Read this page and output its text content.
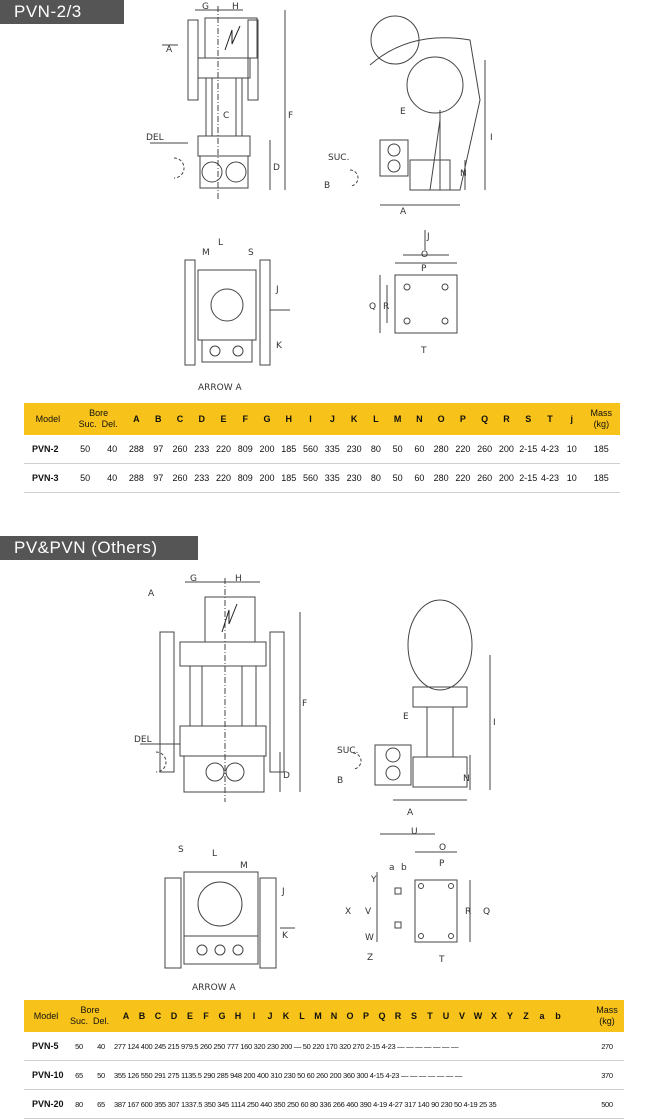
PVN-2/3	G	H
A
C	F
D
DEL
E
I
N
SUC.
B
A
M
L
S
J
K
ARROW A
J
O
P
Q R
T
Model	Bore
Suc. Del.		A	B	C	D	E	F	G	H	I	J	K	L	M	N	O	P	Q	R	S	T	j	Mass
(kg)

PVN-2	50	40	288	97	260	233	220	809	200	185	560	335	230	80	50	60	280	220	260	200	2-15	4-23	10	185
PVN-3	50	40	288	97	260	233	220	809	200	185	560	335	230	80	50	60	280	220	260	200	2-15	4-23	10	185
PV&PVN (Others)
G	H
A
F
D
DEL
E
I
N
SUC.
B
A
S	L
M
J
K
ARROW A
U
O
P
a b
Y
X V
W
Z	T
R Q
Model	Bore
Suc. Del.		A B C D E F G H I J K L M N O P Q R S T U V W X Y Z a b	Mass
(kg)

PVN-5	50	40	277 124 400 245 215 979.5 260 250 777 160 320 230 200 — 50 220 170 320 270 2-15 4-23 — — — — — — —	270
PVN-10	65	50	355 126 550 291 275 1135.5 290 285 948 200 400 310 230 50 60 260 200 360 300 4-15 4-23 — — — — — — —	370
PVN-20	80	65	387 167 600 355 307 1337.5 350 345 1114 250 440 350 250 60 80 336 266 460 390 4-19 4-27 317 140 90 230 50 4-19 25 35	500
